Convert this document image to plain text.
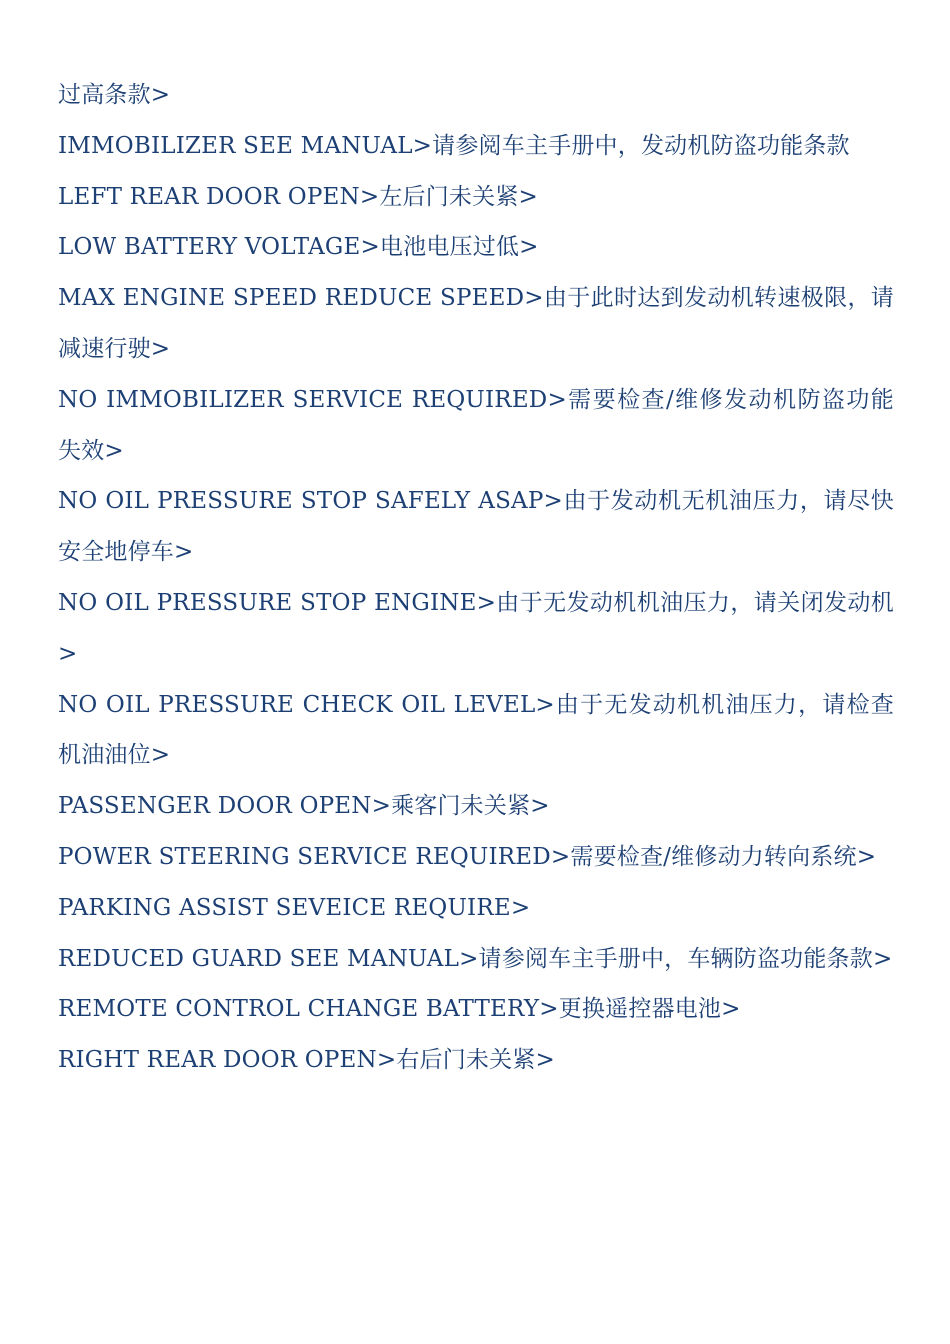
过高条款>

IMMOBILIZER SEE MANUAL>请参阅车主手册中，发动机防盗功能条款

LEFT REAR DOOR OPEN>左后门未关紧>

LOW BATTERY VOLTAGE>电池电压过低>

MAX ENGINE SPEED REDUCE SPEED>由于此时达到发动机转速极限，请减速行驶>

NO IMMOBILIZER SERVICE REQUIRED>需要检查/维修发动机防盗功能失效>

NO OIL PRESSURE STOP SAFELY ASAP>由于发动机无机油压力，请尽快安全地停车>

NO OIL PRESSURE STOP ENGINE>由于无发动机机油压力，请关闭发动机>

NO OIL PRESSURE CHECK OIL LEVEL>由于无发动机机油压力，请检查机油油位>

PASSENGER DOOR OPEN>乘客门未关紧>

POWER STEERING SERVICE REQUIRED>需要检查/维修动力转向系统>

PARKING ASSIST SEVEICE REQUIRE>

REDUCED GUARD SEE MANUAL>请参阅车主手册中，车辆防盗功能条款>

REMOTE CONTROL CHANGE BATTERY>更换遥控器电池>

RIGHT REAR DOOR OPEN>右后门未关紧>
